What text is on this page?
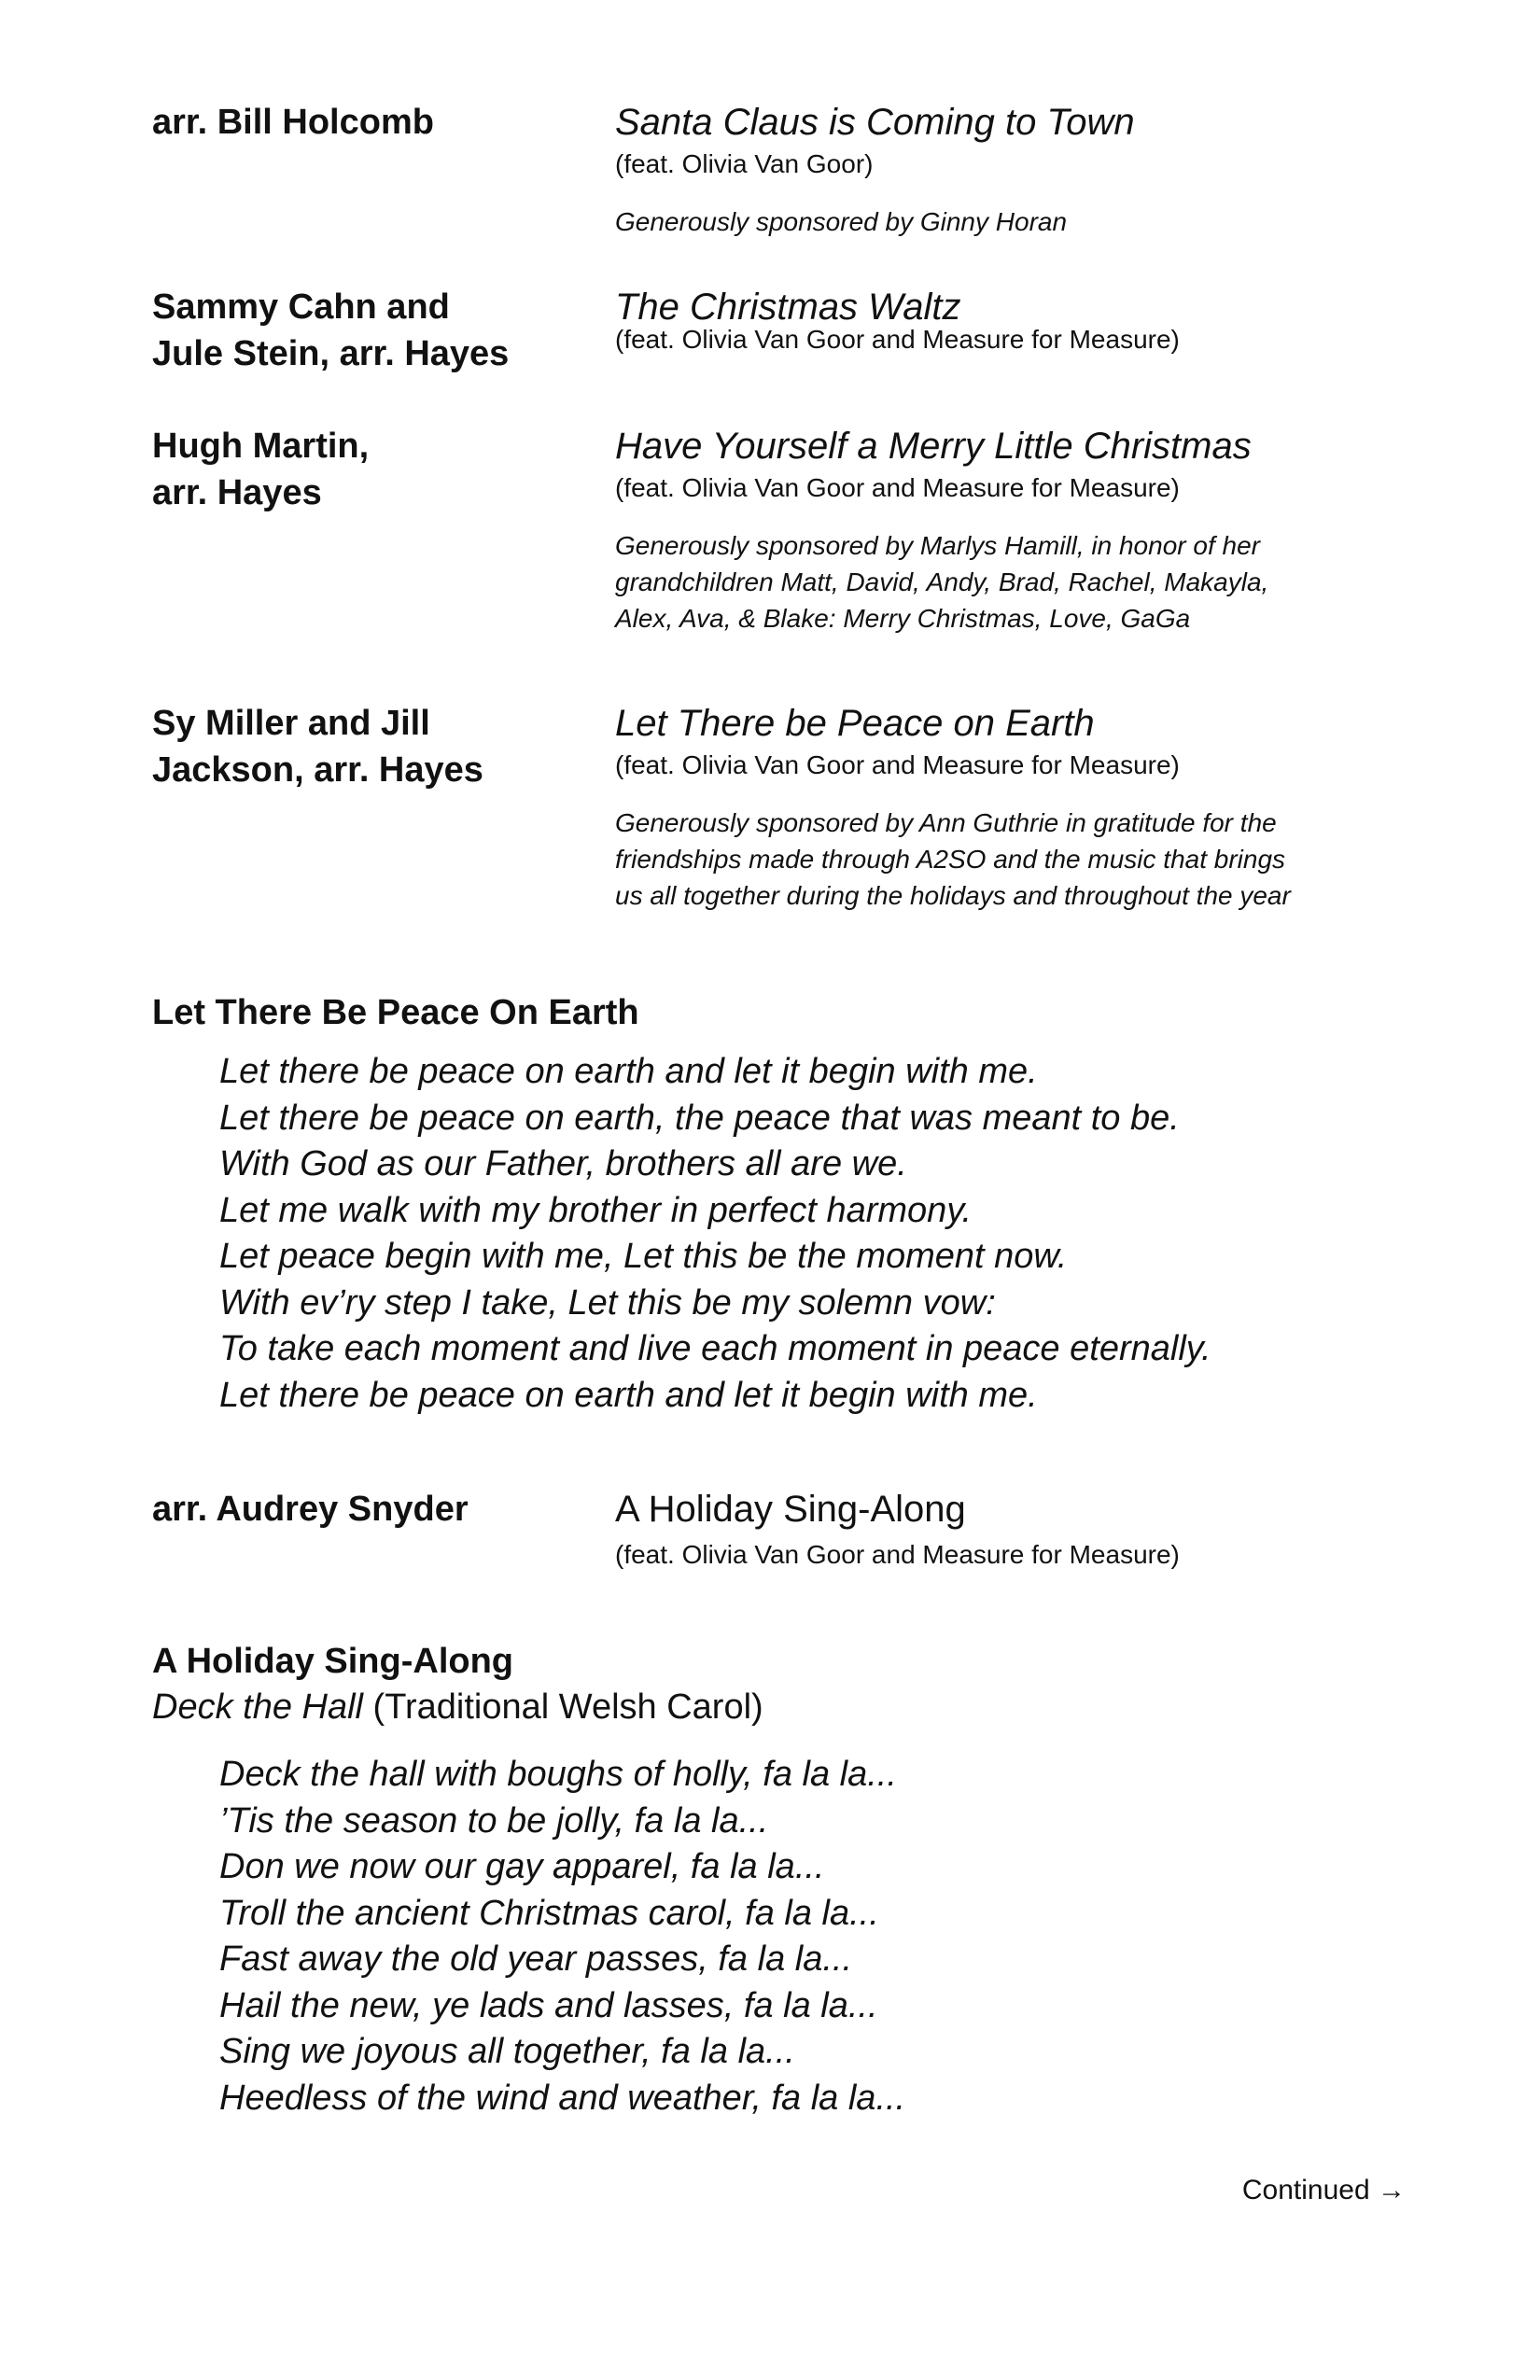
arr. Bill Holcomb	Santa Claus is Coming to Town
(feat. Olivia Van Goor)
Generously sponsored by Ginny Horan
Sammy Cahn and
Jule Stein, arr. Hayes
The Christmas Waltz
(feat. Olivia Van Goor and Measure for Measure)
Hugh Martin,
arr. Hayes
Have Yourself a Merry Little Christmas
(feat. Olivia Van Goor and Measure for Measure)
Generously sponsored by Marlys Hamill, in honor of her
grandchildren Matt, David, Andy, Brad, Rachel, Makayla,
Alex, Ava, & Blake: Merry Christmas, Love, GaGa
Sy Miller and Jill
Jackson, arr. Hayes
Let There be Peace on Earth
(feat. Olivia Van Goor and Measure for Measure)
Generously sponsored by Ann Guthrie in gratitude for the
friendships made through A2SO and the music that brings
us all together during the holidays and throughout the year
Let There Be Peace On Earth
Let there be peace on earth and let it begin with me.
Let there be peace on earth, the peace that was meant to be.
With God as our Father, brothers all are we.
Let me walk with my brother in perfect harmony.
Let peace begin with me, Let this be the moment now.
With ev’ry step I take, Let this be my solemn vow:
To take each moment and live each moment in peace eternally.
Let there be peace on earth and let it begin with me.
arr. Audrey Snyder	A Holiday Sing-Along
(feat. Olivia Van Goor and Measure for Measure)
A Holiday Sing-Along
Deck the Hall (Traditional Welsh Carol)
Deck the hall with boughs of holly, fa la la...
’Tis the season to be jolly, fa la la...
Don we now our gay apparel, fa la la...
Troll the ancient Christmas carol, fa la la...
Fast away the old year passes, fa la la...
Hail the new, ye lads and lasses, fa la la...
Sing we joyous all together, fa la la...
Heedless of the wind and weather, fa la la...
Continued →
